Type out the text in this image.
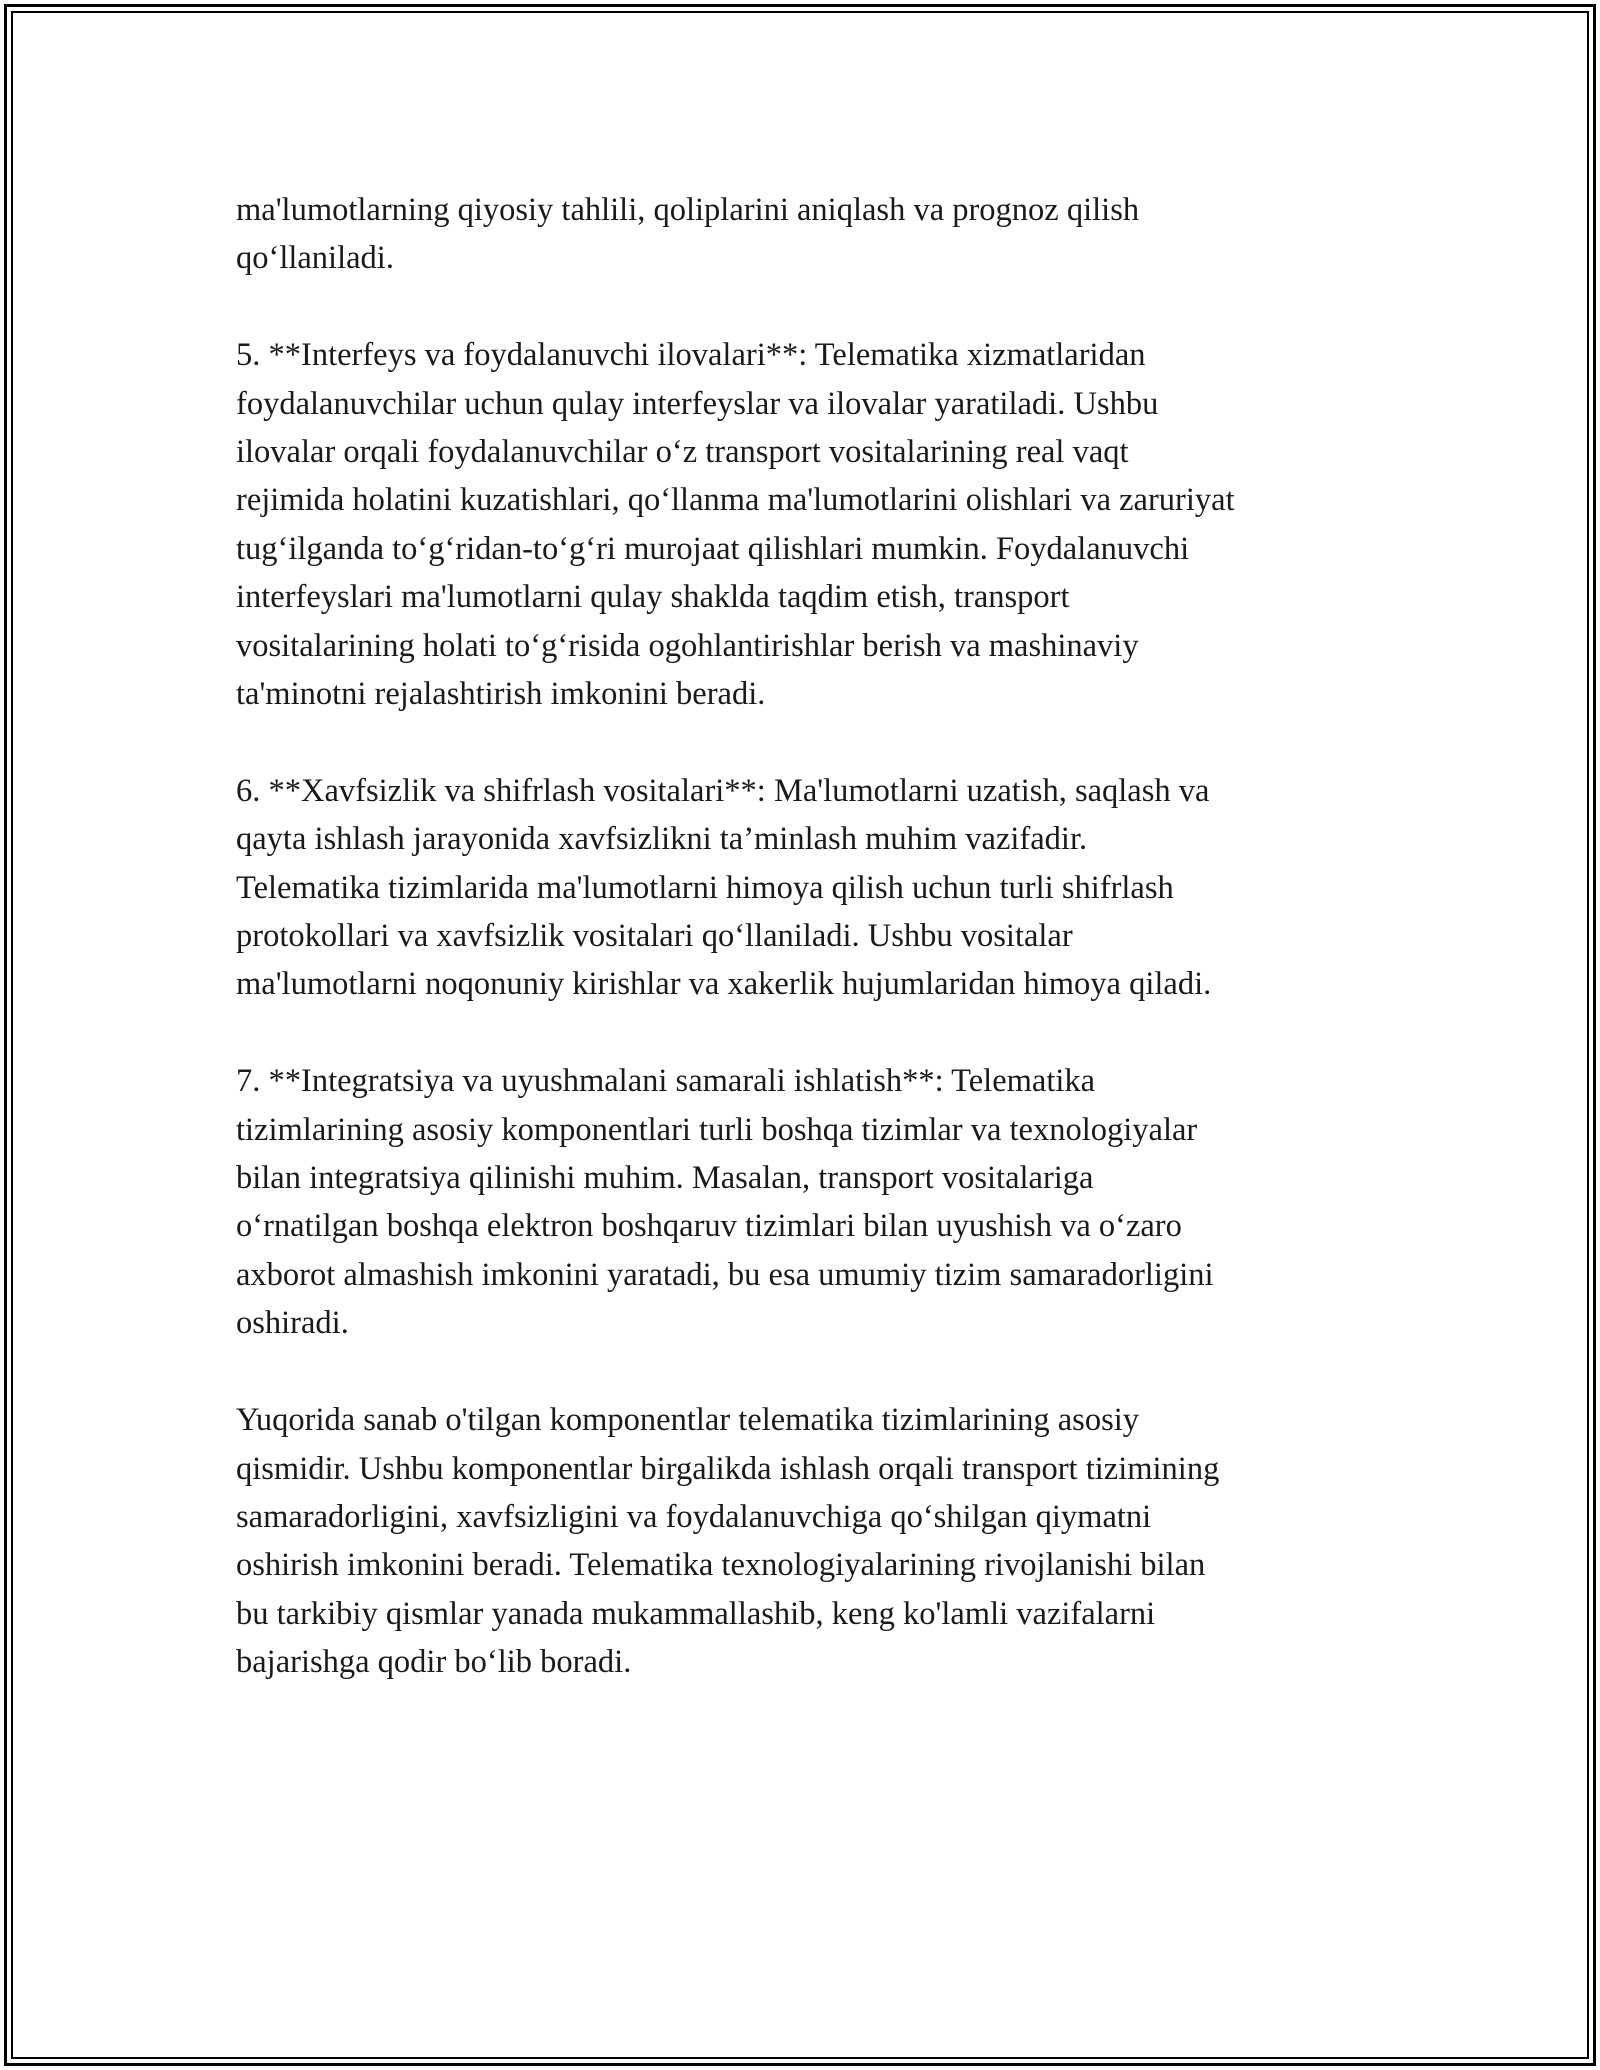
ma'lumotlarning qiyosiy tahlili, qoliplarini aniqlash va prognoz qilish
qo‘llaniladi.

5. **Interfeys va foydalanuvchi ilovalari**: Telematika xizmatlaridan
foydalanuvchilar uchun qulay interfeyslar va ilovalar yaratiladi. Ushbu
ilovalar orqali foydalanuvchilar o‘z transport vositalarining real vaqt
rejimida holatini kuzatishlari, qo‘llanma ma'lumotlarini olishlari va zaruriyat
tug‘ilganda to‘g‘ridan-to‘g‘ri murojaat qilishlari mumkin. Foydalanuvchi
interfeyslari ma'lumotlarni qulay shaklda taqdim etish, transport
vositalarining holati to‘g‘risida ogohlantirishlar berish va mashinaviy
ta'minotni rejalashtirish imkonini beradi.

6. **Xavfsizlik va shifrlash vositalari**: Ma'lumotlarni uzatish, saqlash va
qayta ishlash jarayonida xavfsizlikni ta’minlash muhim vazifadir.
Telematika tizimlarida ma'lumotlarni himoya qilish uchun turli shifrlash
protokollari va xavfsizlik vositalari qo‘llaniladi. Ushbu vositalar
ma'lumotlarni noqonuniy kirishlar va xakerlik hujumlaridan himoya qiladi.

7. **Integratsiya va uyushmalani samarali ishlatish**: Telematika
tizimlarining asosiy komponentlari turli boshqa tizimlar va texnologiyalar
bilan integratsiya qilinishi muhim. Masalan, transport vositalariga
o‘rnatilgan boshqa elektron boshqaruv tizimlari bilan uyushish va o‘zaro
axborot almashish imkonini yaratadi, bu esa umumiy tizim samaradorligini
oshiradi.

Yuqorida sanab o'tilgan komponentlar telematika tizimlarining asosiy
qismidir. Ushbu komponentlar birgalikda ishlash orqali transport tizimining
samaradorligini, xavfsizligini va foydalanuvchiga qo‘shilgan qiymatni
oshirish imkonini beradi. Telematika texnologiyalarining rivojlanishi bilan
bu tarkibiy qismlar yanada mukammallashib, keng ko'lamli vazifalarni
bajarishga qodir bo‘lib boradi.
